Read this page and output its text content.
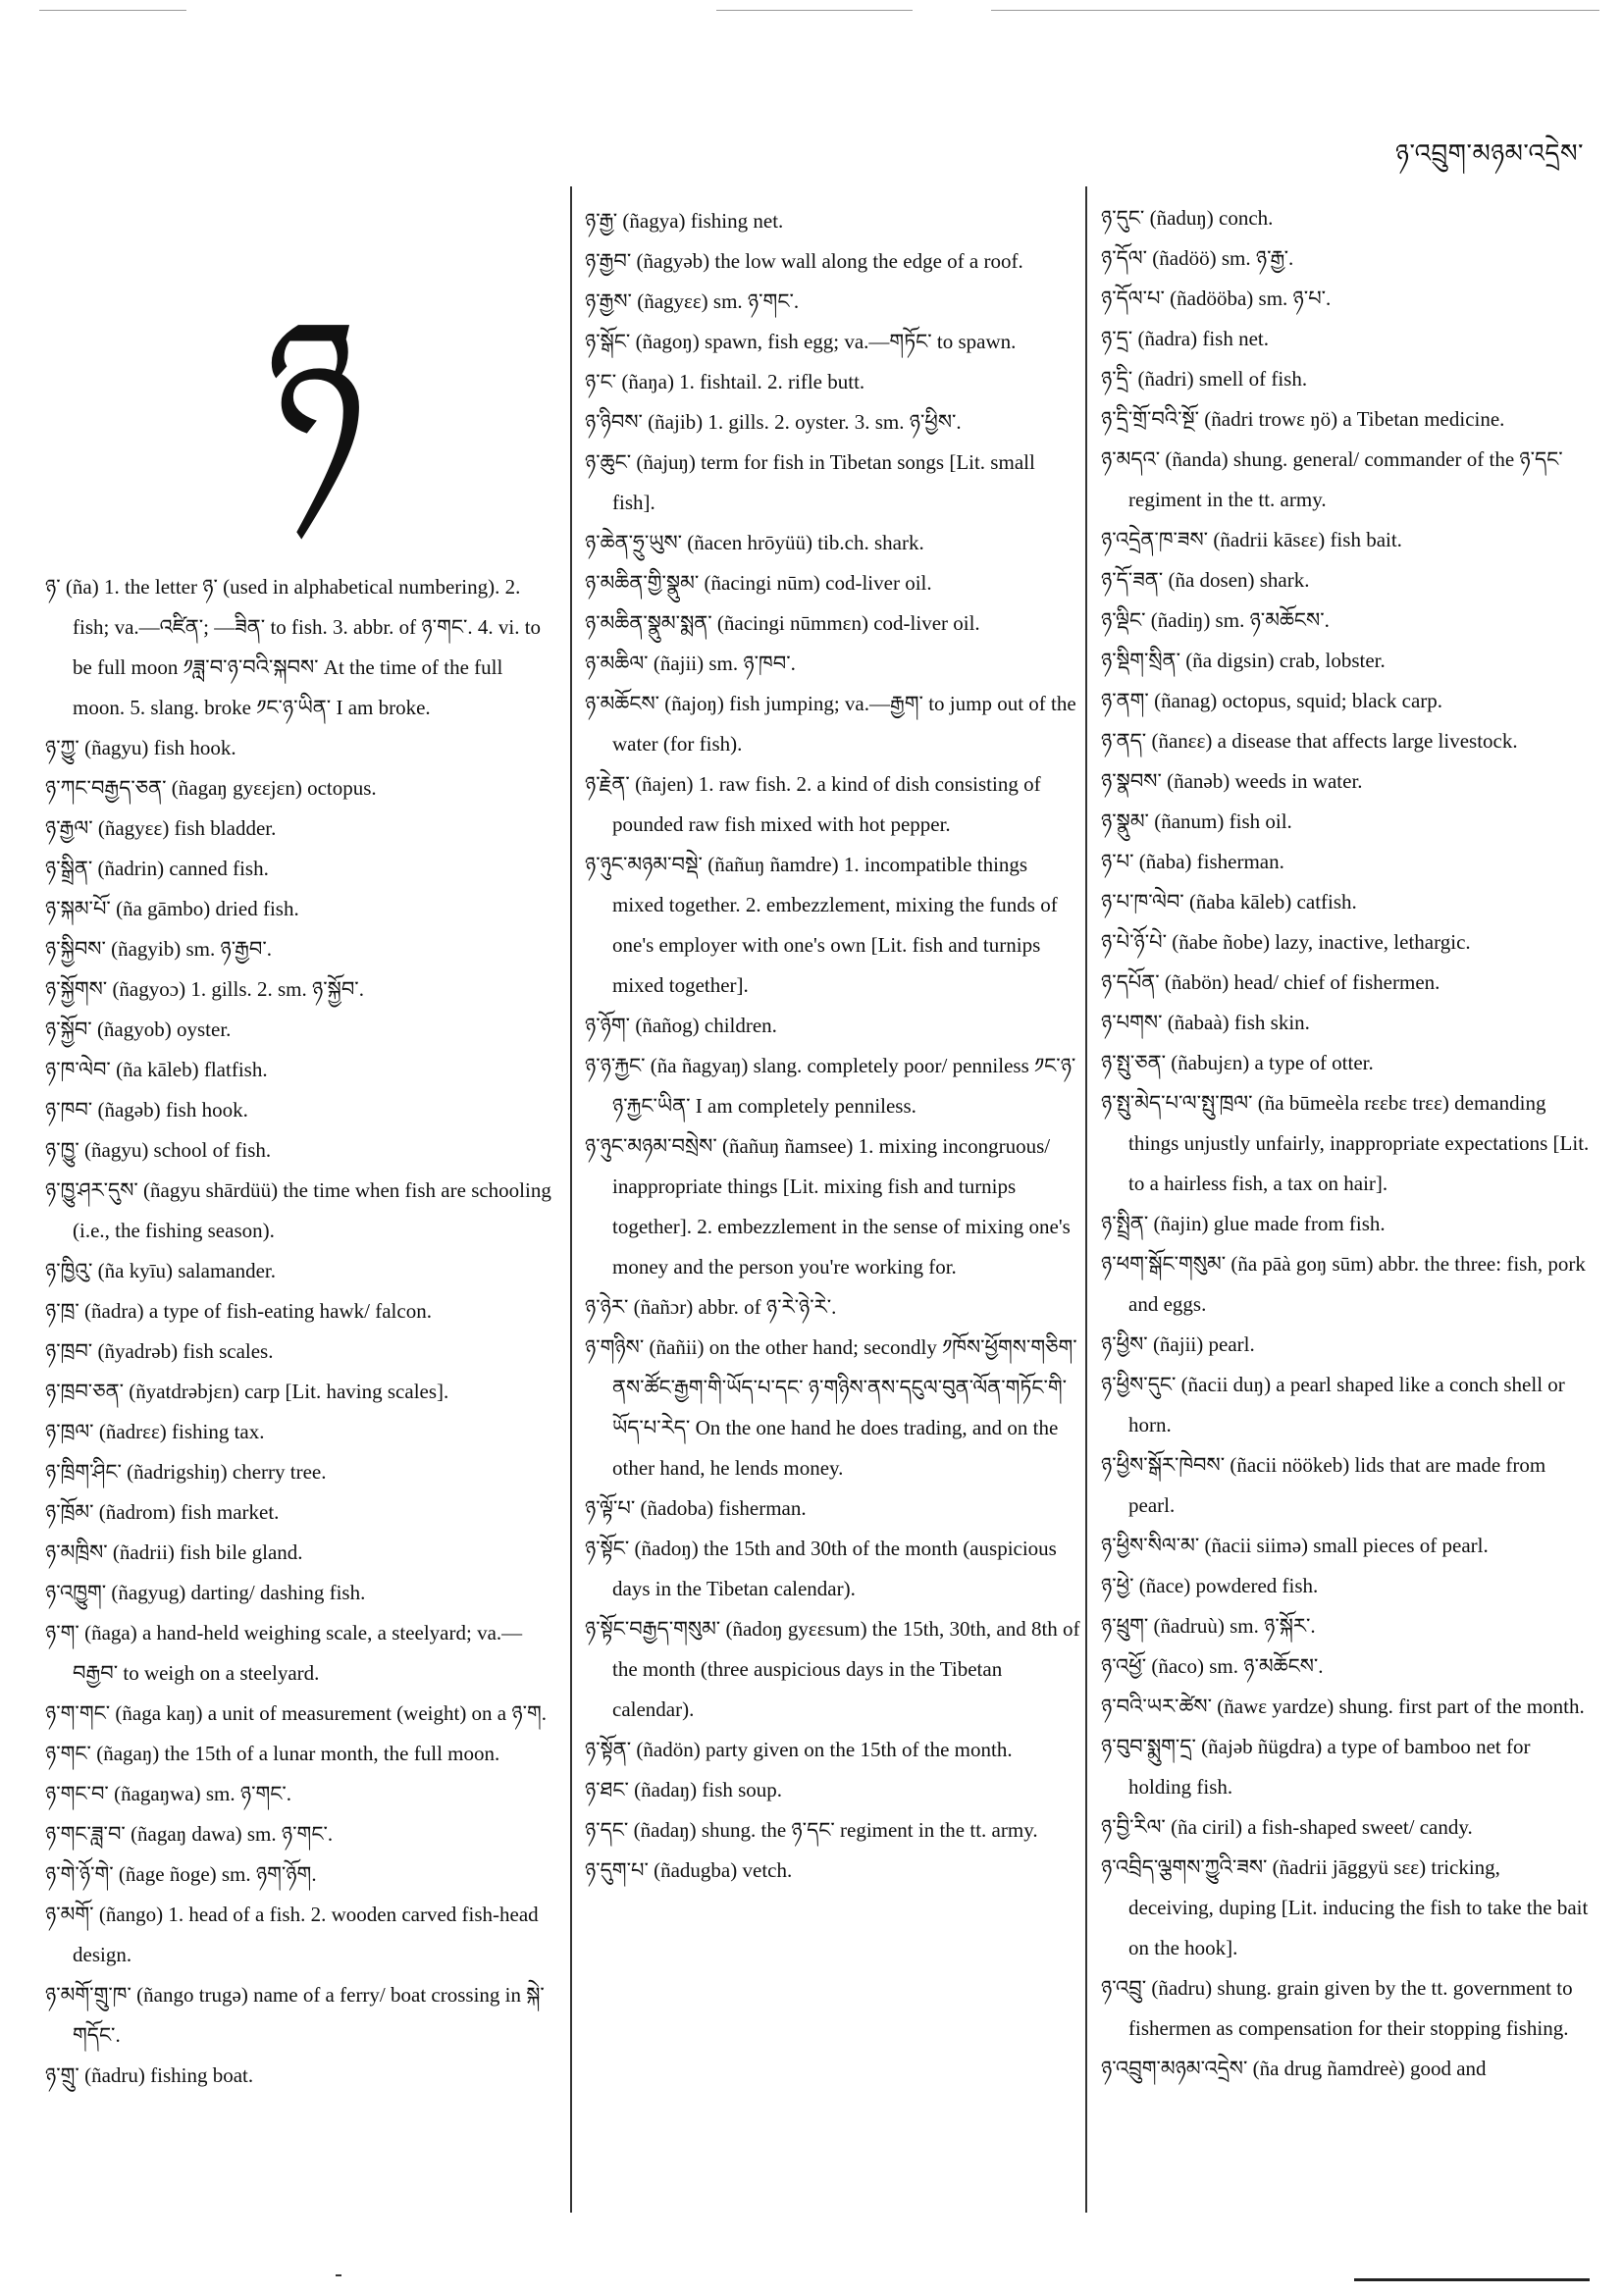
ཉ་འབྲུག་མཉམ་འདྲེས་
ཉ
ཉ་ (ña) 1. the letter ཉ་ (used in alphabetical numbering). 2. fish; va.—འཛིན་; —ཟིན་ to fish. 3. abbr. of ཉ་གང་. 4. vi. to be full moon ༡ཟླ་བ་ཉ་བའི་སྐབས་ At the time of the full moon. 5. slang. broke ༡ང་ཉ་ཡིན་ I am broke.
ཉ་ཀྱུ་ (ñagyu) fish hook.
ཉ་ཀང་བརྒྱད་ཅན་ (ñagaŋ gyɛɛjɛn) octopus.
ཉ་རྒྱལ་ (ñagyɛɛ) fish bladder.
ཉ་སྒྲིན་ (ñadrin) canned fish.
ཉ་སྐམ་པོ་ (ña gāmbo) dried fish.
ཉ་སྐྱིབས་ (ñagyib) sm. ཉ་རྒྱབ་.
ཉ་སྐྱོགས་ (ñagyoɔ) 1. gills. 2. sm. ཉ་སྐྱོབ་.
ཉ་སྐྱོབ་ (ñagyob) oyster.
ཉ་ཁ་ལེབ་ (ña kāleb) flatfish.
ཉ་ཁབ་ (ñagəb) fish hook.
ཉ་ཁྱུ་ (ñagyu) school of fish.
ཉ་ཁྱུ་ཤར་དུས་ (ñagyu shārdüü) the time when fish are schooling (i.e., the fishing season).
ཉ་ཁྱིའུ་ (ña kyīu) salamander.
ཉ་ཁྲ་ (ñadra) a type of fish-eating hawk/ falcon.
ཉ་ཁྲབ་ (ñyadrəb) fish scales.
ཉ་ཁྲབ་ཅན་ (ñyatdrəbjɛn) carp [Lit. having scales].
ཉ་ཁྲལ་ (ñadrɛɛ) fishing tax.
ཉ་ཁྲིག་ཤིང་ (ñadrigshiŋ) cherry tree.
ཉ་ཁྲོམ་ (ñadrom) fish market.
ཉ་མཁྲིས་ (ñadrii) fish bile gland.
ཉ་འཁྱུག་ (ñagyug) darting/ dashing fish.
ཉ་ག་ (ñaga) a hand-held weighing scale, a steelyard; va.—བརྒྱབ་ to weigh on a steelyard.
ཉ་ག་གང་ (ñaga kaŋ) a unit of measurement (weight) on a ཉ་ག.
ཉ་གང་ (ñagaŋ) the 15th of a lunar month, the full moon.
ཉ་གང་བ་ (ñagaŋwa) sm. ཉ་གང་.
ཉ་གང་ཟླ་བ་ (ñagaŋ dawa) sm. ཉ་གང་.
ཉ་གེ་ཉོ་གེ་ (ñage ñoge) sm. ཉག་ཉོག.
ཉ་མགོ་ (ñango) 1. head of a fish. 2. wooden carved fish-head design.
ཉ་མགོ་གྲུ་ཁ་ (ñango trugə) name of a ferry/ boat crossing in སྐེ་གདོང་.
ཉ་གྲུ་ (ñadru) fishing boat.
ཉ་རྒྱ་ (ñagya) fishing net.
ཉ་རྒྱབ་ (ñagyəb) the low wall along the edge of a roof.
ཉ་རྒྱས་ (ñagyɛɛ) sm. ཉ་གང་.
ཉ་སྒོང་ (ñagoŋ) spawn, fish egg; va.—གཏོང་ to spawn.
ཉ་ང་ (ñaŋa) 1. fishtail. 2. rifle butt.
ཉ་ཉིབས་ (ñajib) 1. gills. 2. oyster. 3. sm. ཉ་ཕྱིས་.
ཉ་ཆུང་ (ñajuŋ) term for fish in Tibetan songs [Lit. small fish].
ཉ་ཆེན་ཧྲུ་ཡུས་ (ñacen hrōyüü) tib.ch. shark.
ཉ་མཆིན་གྱི་སྣུམ་ (ñacingi nūm) cod-liver oil.
ཉ་མཆིན་སྣུམ་སྨན་ (ñacingi nūmmɛn) cod-liver oil.
ཉ་མཆིལ་ (ñajii) sm. ཉ་ཁབ་.
ཉ་མཆོངས་ (ñajoŋ) fish jumping; va.—རྒྱག་ to jump out of the water (for fish).
ཉ་རྗེན་ (ñajen) 1. raw fish. 2. a kind of dish consisting of pounded raw fish mixed with hot pepper.
ཉ་ཉུང་མཉམ་བསྡེ་ (ñañuŋ ñamdre) 1. incompatible things mixed together. 2. embezzlement, mixing the funds of one's employer with one's own [Lit. fish and turnips mixed together].
ཉ་ཉོག་ (ñañog) children.
ཉ་ཉ་རྐྱང་ (ña ñagyaŋ) slang. completely poor/ penniless ༡ང་ཉ་ཉ་རྐྱང་ཡིན་ I am completely penniless.
ཉ་ཉུང་མཉམ་བསྲེས་ (ñañuŋ ñamsee) 1. mixing incongruous/ inappropriate things [Lit. mixing fish and turnips together]. 2. embezzlement in the sense of mixing one's money and the person you're working for.
ཉ་ཉེར་ (ñañɔr) abbr. of ཉ་རེ་ཉེ་རེ་.
ཉ་གཉིས་ (ñañii) on the other hand; secondly ༡ཁོས་ཕྱོགས་གཅིག་ནས་ཚོང་རྒྱག་གི་ཡོད་པ་དང་ ཉ་གཉིས་ནས་དངུལ་བུན་ལོན་གཏོང་གི་ཡོད་པ་རེད་ On the one hand he does trading, and on the other hand, he lends money.
ཉ་ལྟོ་པ་ (ñadoba) fisherman.
ཉ་སྟོང་ (ñadoŋ) the 15th and 30th of the month (auspicious days in the Tibetan calendar).
ཉ་སྟོང་བརྒྱད་གསུམ་ (ñadoŋ gyɛɛsum) the 15th, 30th, and 8th of the month (three auspicious days in the Tibetan calendar).
ཉ་སྟོན་ (ñadön) party given on the 15th of the month.
ཉ་ཐང་ (ñadaŋ) fish soup.
ཉ་དང་ (ñadaŋ) shung. the ཉ་དང་ regiment in the tt. army.
ཉ་དུག་པ་ (ñadugba) vetch.
ཉ་དུང་ (ñaduŋ) conch.
ཉ་དོལ་ (ñadöö) sm. ཉ་རྒྱ་.
ཉ་དོལ་པ་ (ñadööba) sm. ཉ་པ་.
ཉ་དྲ་ (ñadra) fish net.
ཉ་དྲི་ (ñadri) smell of fish.
ཉ་དྲི་གྲོ་བའི་སྔོ་ (ñadri trowɛ ŋö) a Tibetan medicine.
ཉ་མདའ་ (ñanda) shung. general/ commander of the ཉ་དང་ regiment in the tt. army.
ཉ་འདྲེན་ཁ་ཟས་ (ñadrii kāsɛɛ) fish bait.
ཉ་དོ་ཟན་ (ña dosen) shark.
ཉ་ལྡིང་ (ñadiŋ) sm. ཉ་མཆོངས་.
ཉ་སྡིག་སྲིན་ (ña digsin) crab, lobster.
ཉ་ནག་ (ñanag) octopus, squid; black carp.
ཉ་ནད་ (ñanɛɛ) a disease that affects large livestock.
ཉ་སྣབས་ (ñanəb) weeds in water.
ཉ་སྣུམ་ (ñanum) fish oil.
ཉ་པ་ (ñaba) fisherman.
ཉ་པ་ཁ་ལེབ་ (ñaba kāleb) catfish.
ཉ་པེ་ཉོ་པེ་ (ñabe ñobe) lazy, inactive, lethargic.
ཉ་དཔོན་ (ñabön) head/ chief of fishermen.
ཉ་པགས་ (ñabaà) fish skin.
ཉ་སྤུ་ཅན་ (ñabujɛn) a type of otter.
ཉ་སྤུ་མེད་པ་ལ་སྤུ་ཁྲལ་ (ña būmeèla rɛɛbɛ trɛɛ) demanding things unjustly unfairly, inappropriate expectations [Lit. to a hairless fish, a tax on hair].
ཉ་སྤྲིན་ (ñajin) glue made from fish.
ཉ་ཕག་སྒོང་གསུམ་ (ña pāà goŋ sūm) abbr. the three: fish, pork and eggs.
ཉ་ཕྱིས་ (ñajii) pearl.
ཉ་ཕྱིས་དུང་ (ñacii duŋ) a pearl shaped like a conch shell or horn.
ཉ་ཕྱིས་སྒོར་ཁེབས་ (ñacii nöökeb) lids that are made from pearl.
ཉ་ཕྱིས་སིལ་མ་ (ñacii siimə) small pieces of pearl.
ཉ་ཕྱེ་ (ñace) powdered fish.
ཉ་ཕྲུག་ (ñadruù) sm. ཉ་སྐོར་.
ཉ་འཕྱོ་ (ñaco) sm. ཉ་མཆོངས་.
ཉ་བའི་ཡར་ཚེས་ (ñawɛ yardze) shung. first part of the month.
ཉ་བུབ་སྨུག་དྲ་ (ñajəb ñügdra) a type of bamboo net for holding fish.
ཉ་བྱི་རིལ་ (ña ciril) a fish-shaped sweet/ candy.
ཉ་འབྲིད་ལྕགས་ཀྱུའི་ཟས་ (ñadrii jāggyü sɛɛ) tricking, deceiving, duping [Lit. inducing the fish to take the bait on the hook].
ཉ་འབྲུ་ (ñadru) shung. grain given by the tt. government to fishermen as compensation for their stopping fishing.
ཉ་འབྲུག་མཉམ་འདྲེས་ (ña drug ñamdreè) good and
